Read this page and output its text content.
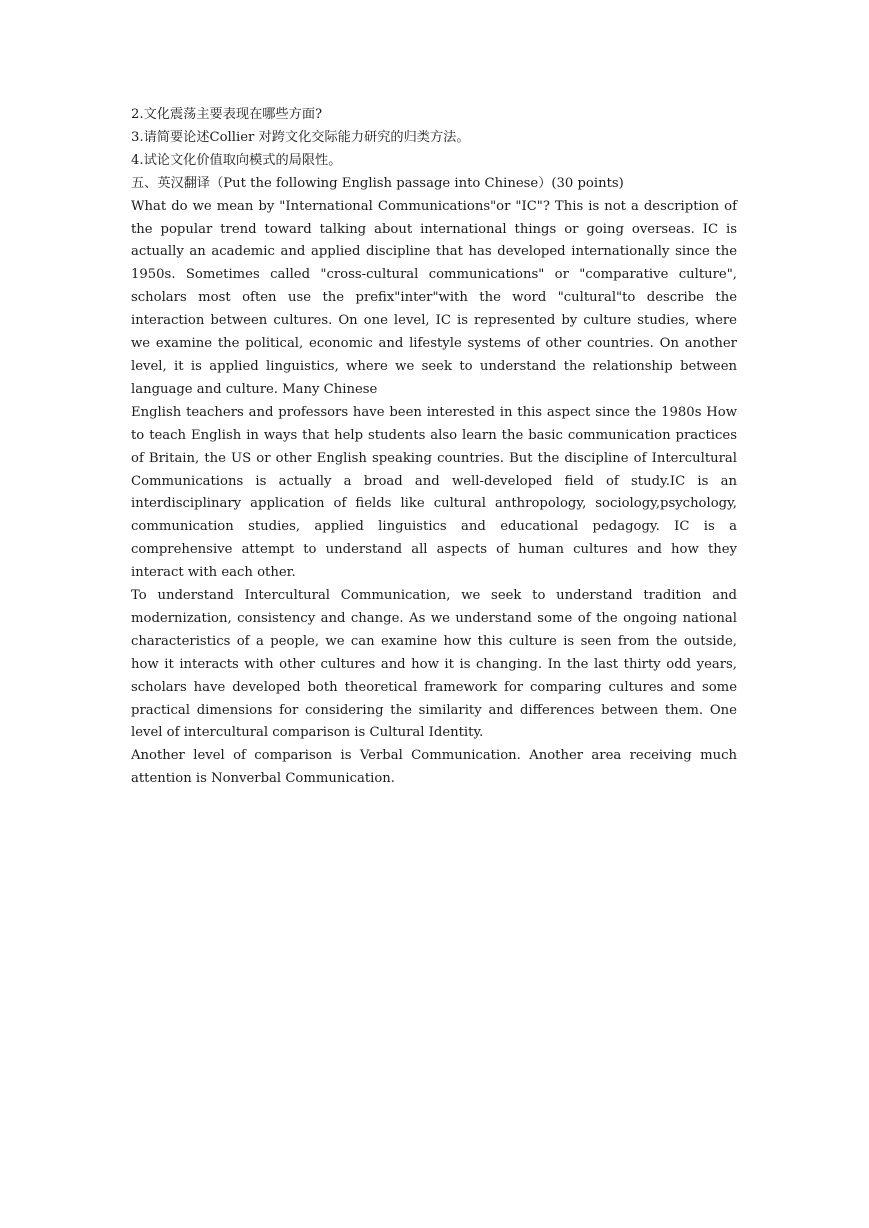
2.文化震荡主要表现在哪些方面?

3.请简要论述Collier 对跨文化交际能力研究的归类方法。

4.试论文化价值取向模式的局限性。

五、英汉翻译（Put the following English passage into Chinese）(30 points)

What do we mean by "International Communications"or "IC"? This is not a description of the popular trend toward talking about international things or going overseas. IC is actually an academic and applied discipline that has developed internationally since the 1950s. Sometimes called "cross-cultural communications" or "comparative culture", scholars most often use the prefix"inter"with the word "cultural"to describe the interaction between cultures. On one level, IC is represented by culture studies, where we examine the political, economic and lifestyle systems of other countries. On another level, it is applied linguistics, where we seek to understand the relationship between language and culture. Many Chinese

English teachers and professors have been interested in this aspect since the 1980s How to teach English in ways that help students also learn the basic communication practices of Britain, the US or other English speaking countries. But the discipline of Intercultural Communications is actually a broad and well-developed field of study.IC is an interdisciplinary application of fields like cultural anthropology, sociology,psychology, communication studies, applied linguistics and educational pedagogy. IC is a comprehensive attempt to understand all aspects of human cultures and how they interact with each other.

To understand Intercultural Communication, we seek to understand tradition and modernization, consistency and change. As we understand some of the ongoing national characteristics of a people, we can examine how this culture is seen from the outside, how it interacts with other cultures and how it is changing. In the last thirty odd years, scholars have developed both theoretical framework for comparing cultures and some practical dimensions for considering the similarity and differences between them. One level of intercultural comparison is Cultural Identity.

Another level of comparison is Verbal Communication. Another area receiving much attention is Nonverbal Communication.
